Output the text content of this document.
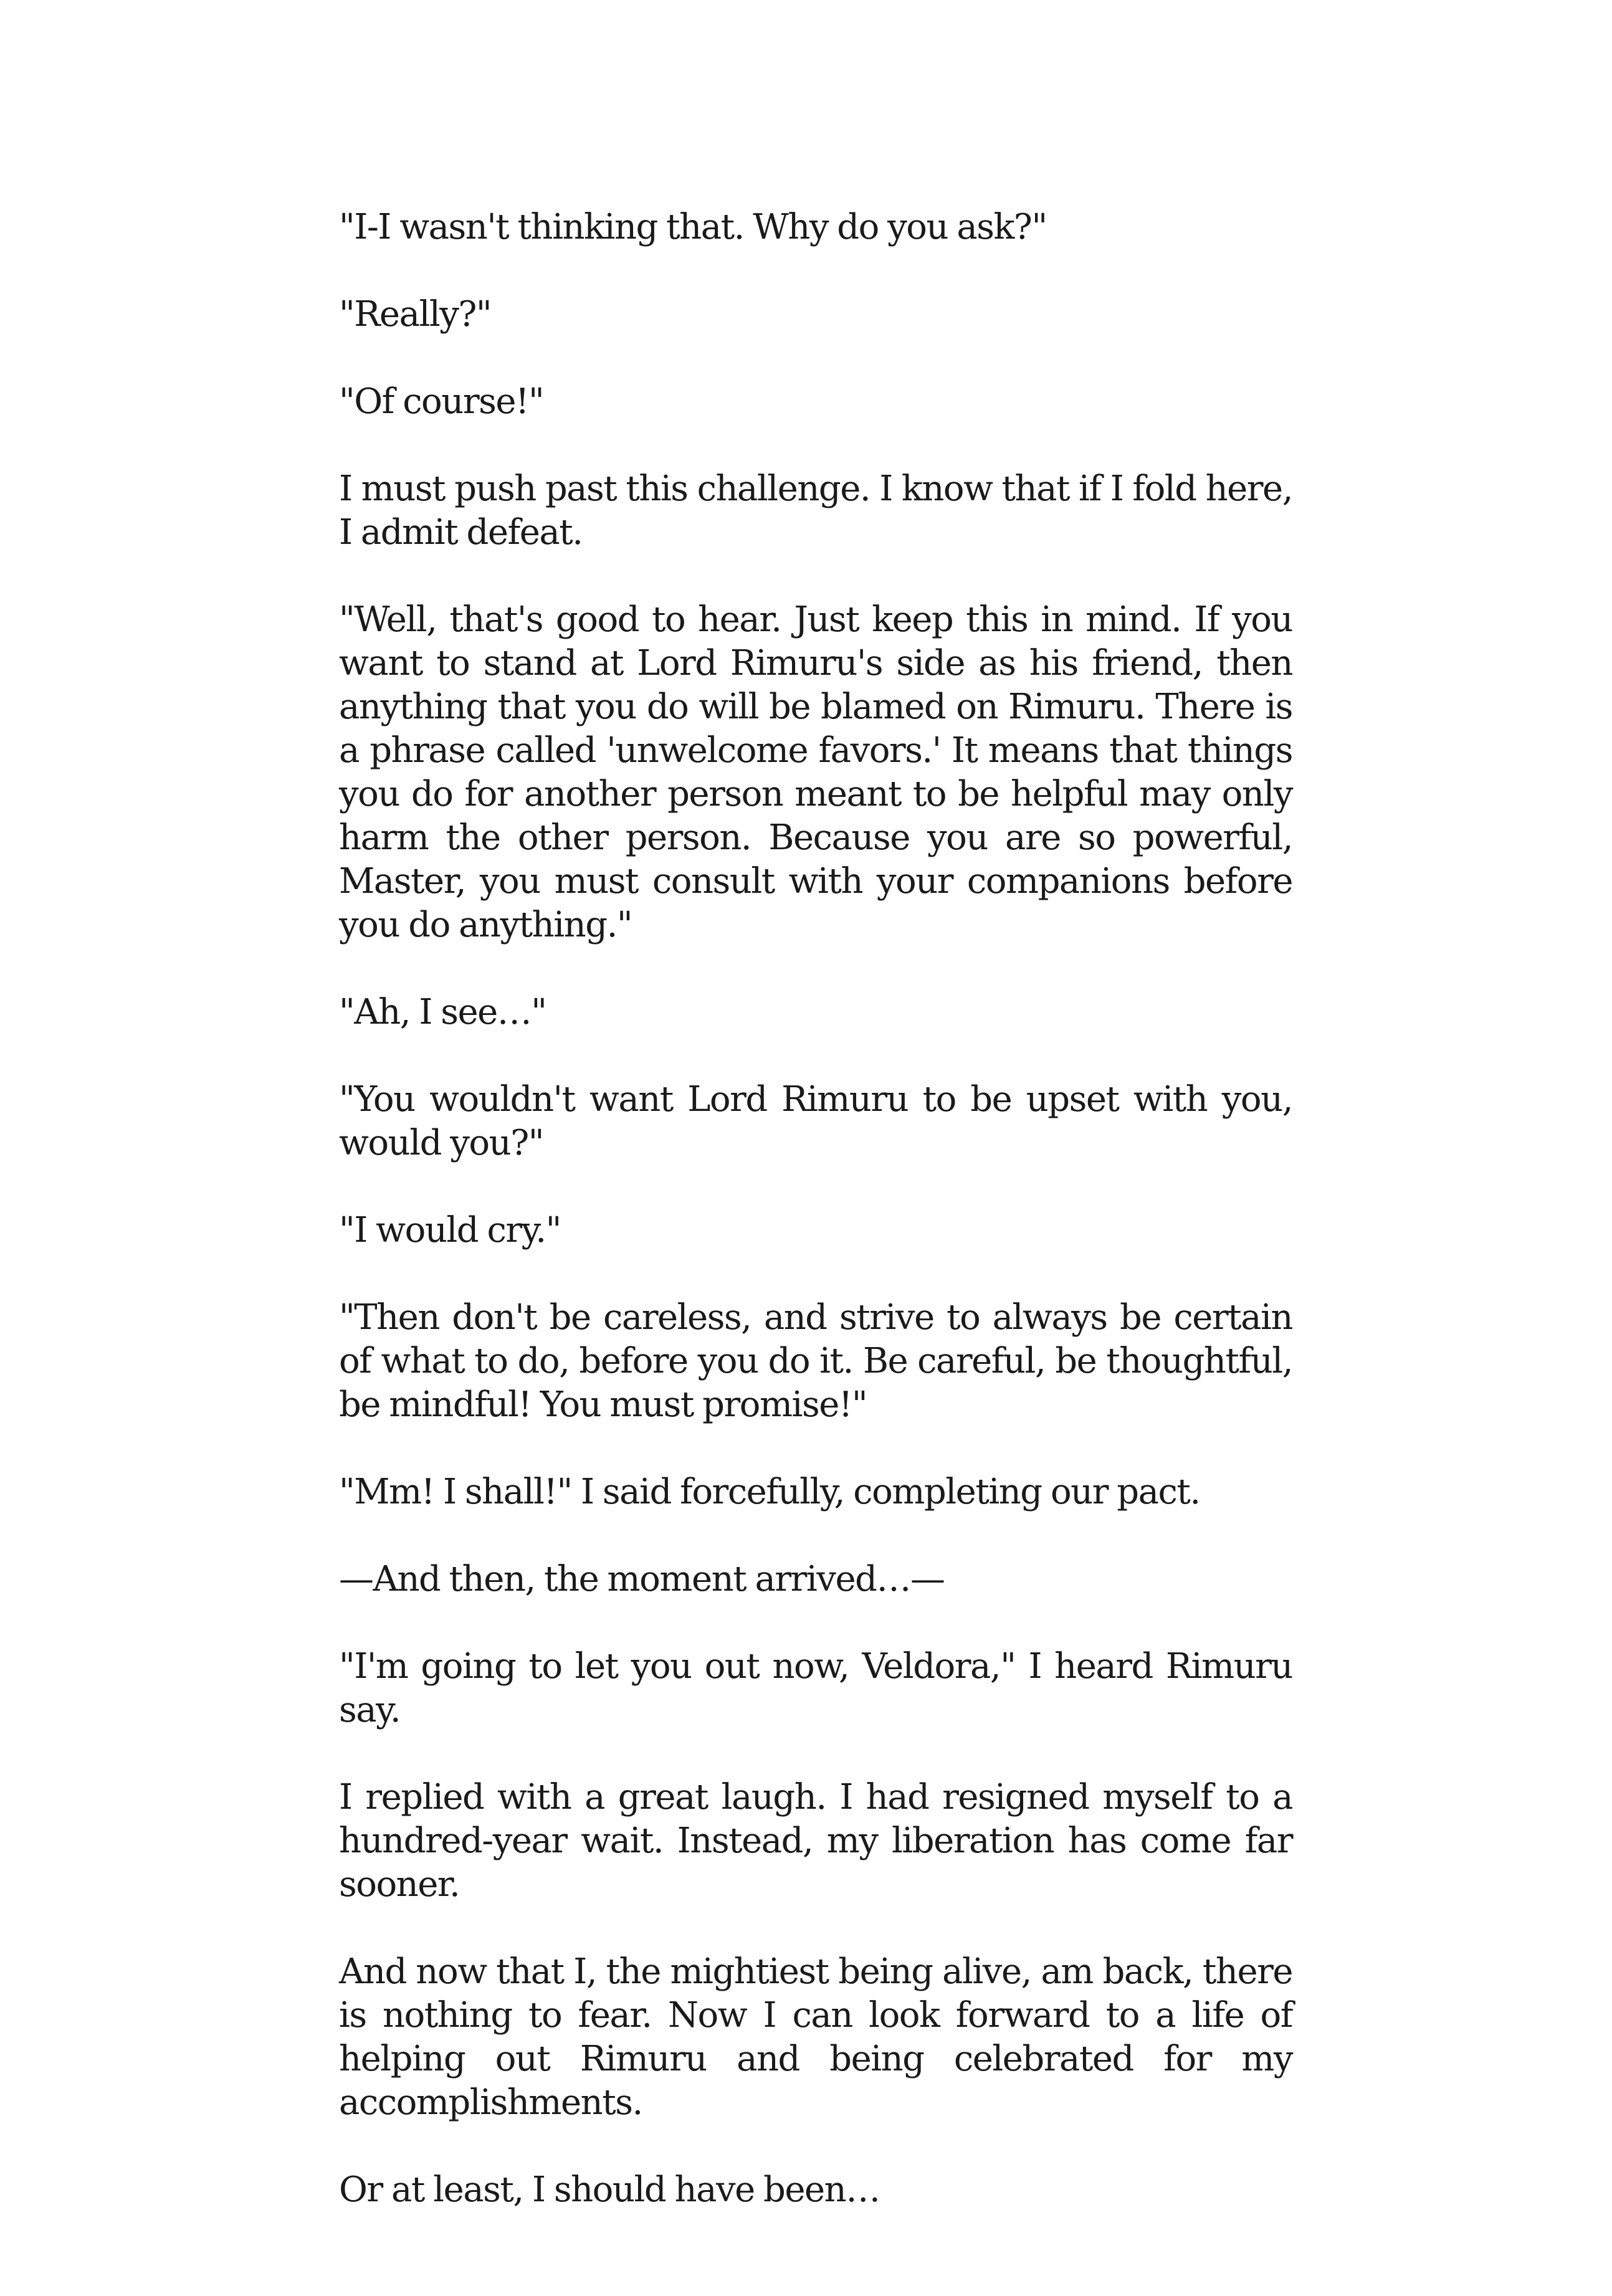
"I-I wasn't thinking that. Why do you ask?"

"Really?"

"Of course!"

I must push past this challenge. I know that if I fold here, I admit defeat.

"Well, that's good to hear. Just keep this in mind. If you want to stand at Lord Rimuru's side as his friend, then anything that you do will be blamed on Rimuru. There is a phrase called 'unwelcome favors.' It means that things you do for another person meant to be helpful may only harm the other person. Because you are so powerful, Master, you must consult with your companions before you do anything."

"Ah, I see…"

"You wouldn't want Lord Rimuru to be upset with you, would you?"

"I would cry."

"Then don't be careless, and strive to always be certain of what to do, before you do it. Be careful, be thoughtful, be mindful! You must promise!"

"Mm! I shall!" I said forcefully, completing our pact.

—And then, the moment arrived…—

"I'm going to let you out now, Veldora," I heard Rimuru say.

I replied with a great laugh. I had resigned myself to a hundred-year wait. Instead, my liberation has come far sooner.

And now that I, the mightiest being alive, am back, there is nothing to fear. Now I can look forward to a life of helping out Rimuru and being celebrated for my accomplishments.

Or at least, I should have been…
